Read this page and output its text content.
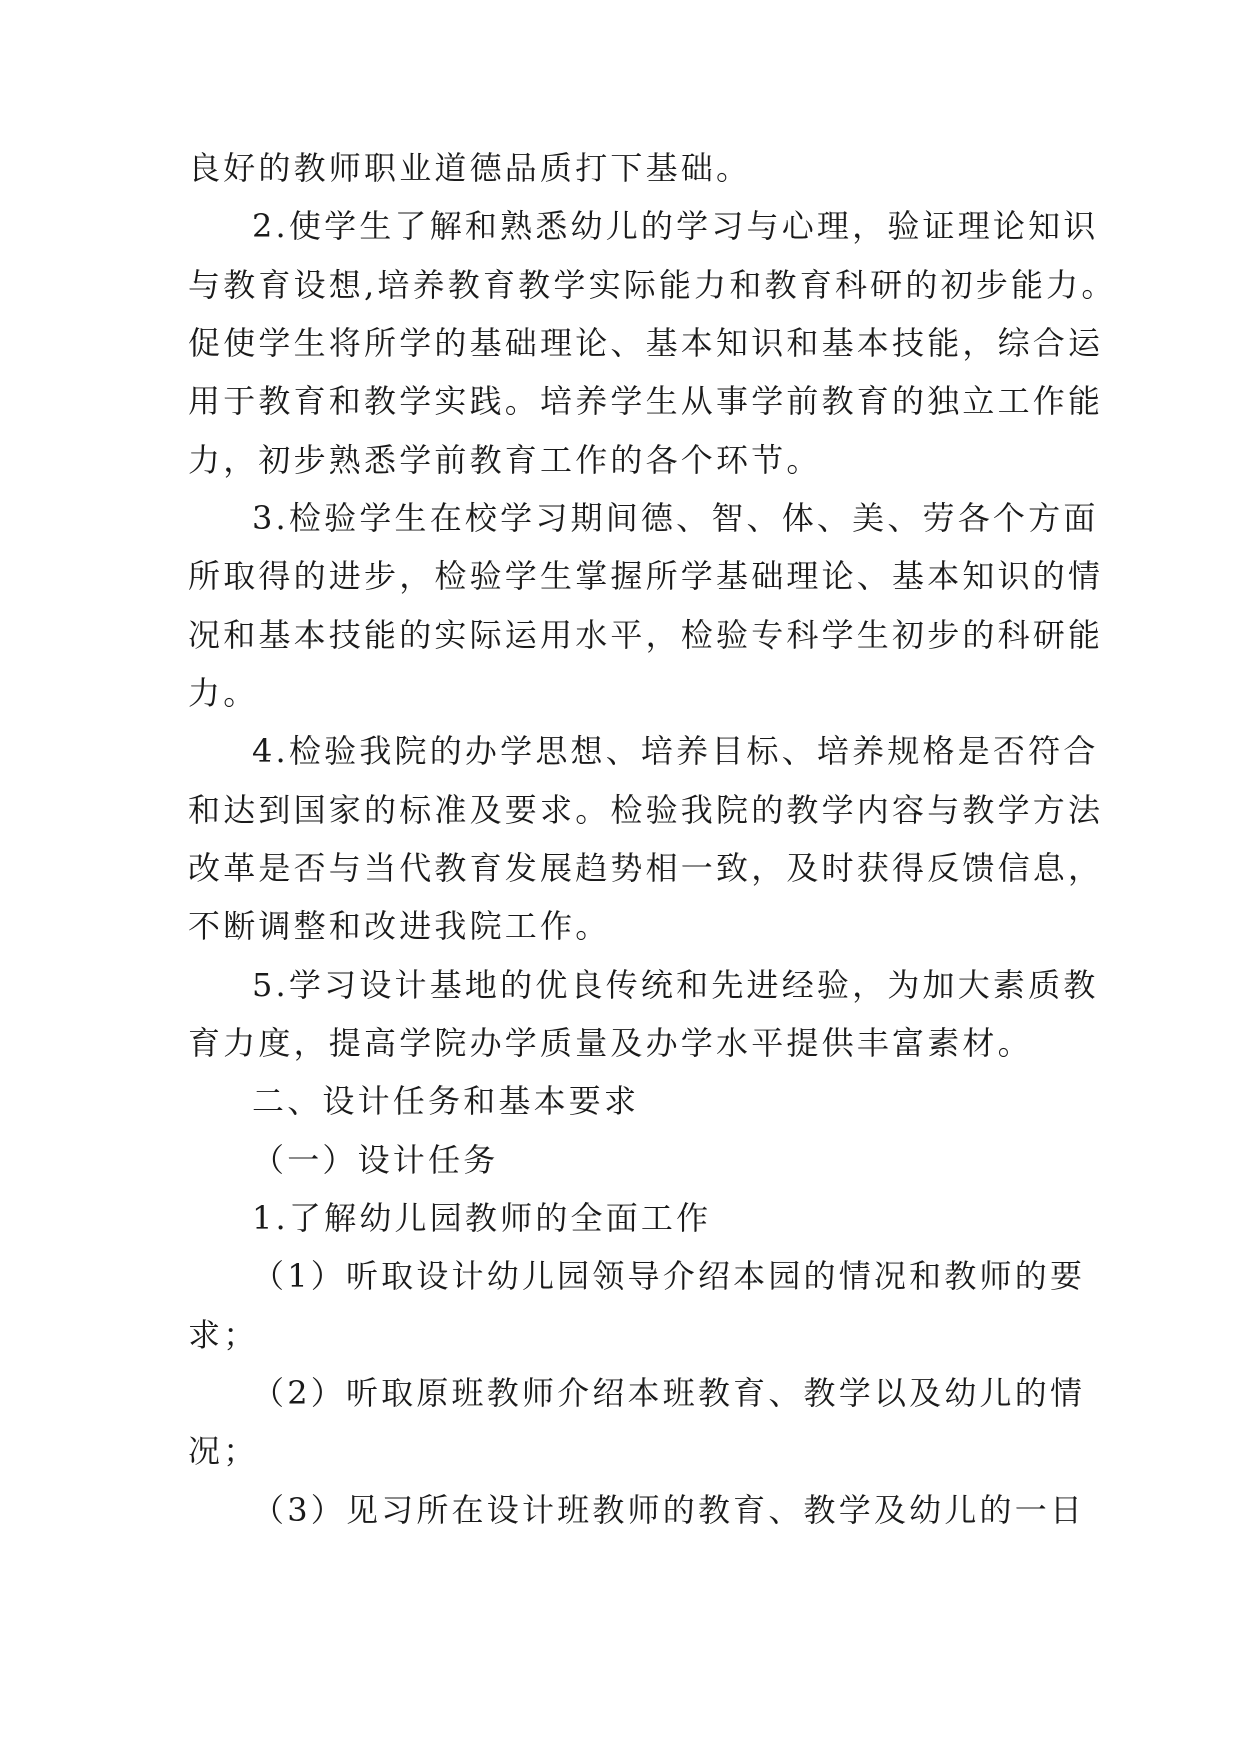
良好的教师职业道德品质打下基础。
2.使学生了解和熟悉幼儿的学习与心理，验证理论知识
与教育设想,培养教育教学实际能力和教育科研的初步能力。
促使学生将所学的基础理论、基本知识和基本技能，综合运
用于教育和教学实践。培养学生从事学前教育的独立工作能
力，初步熟悉学前教育工作的各个环节。
3.检验学生在校学习期间德、智、体、美、劳各个方面
所取得的进步，检验学生掌握所学基础理论、基本知识的情
况和基本技能的实际运用水平，检验专科学生初步的科研能
力。
4.检验我院的办学思想、培养目标、培养规格是否符合
和达到国家的标准及要求。检验我院的教学内容与教学方法
改革是否与当代教育发展趋势相一致，及时获得反馈信息，
不断调整和改进我院工作。
5.学习设计基地的优良传统和先进经验，为加大素质教
育力度，提高学院办学质量及办学水平提供丰富素材。
二、设计任务和基本要求
（一）设计任务
1.了解幼儿园教师的全面工作
（1）听取设计幼儿园领导介绍本园的情况和教师的要
求；
（2）听取原班教师介绍本班教育、教学以及幼儿的情
况；
（3）见习所在设计班教师的教育、教学及幼儿的一日
